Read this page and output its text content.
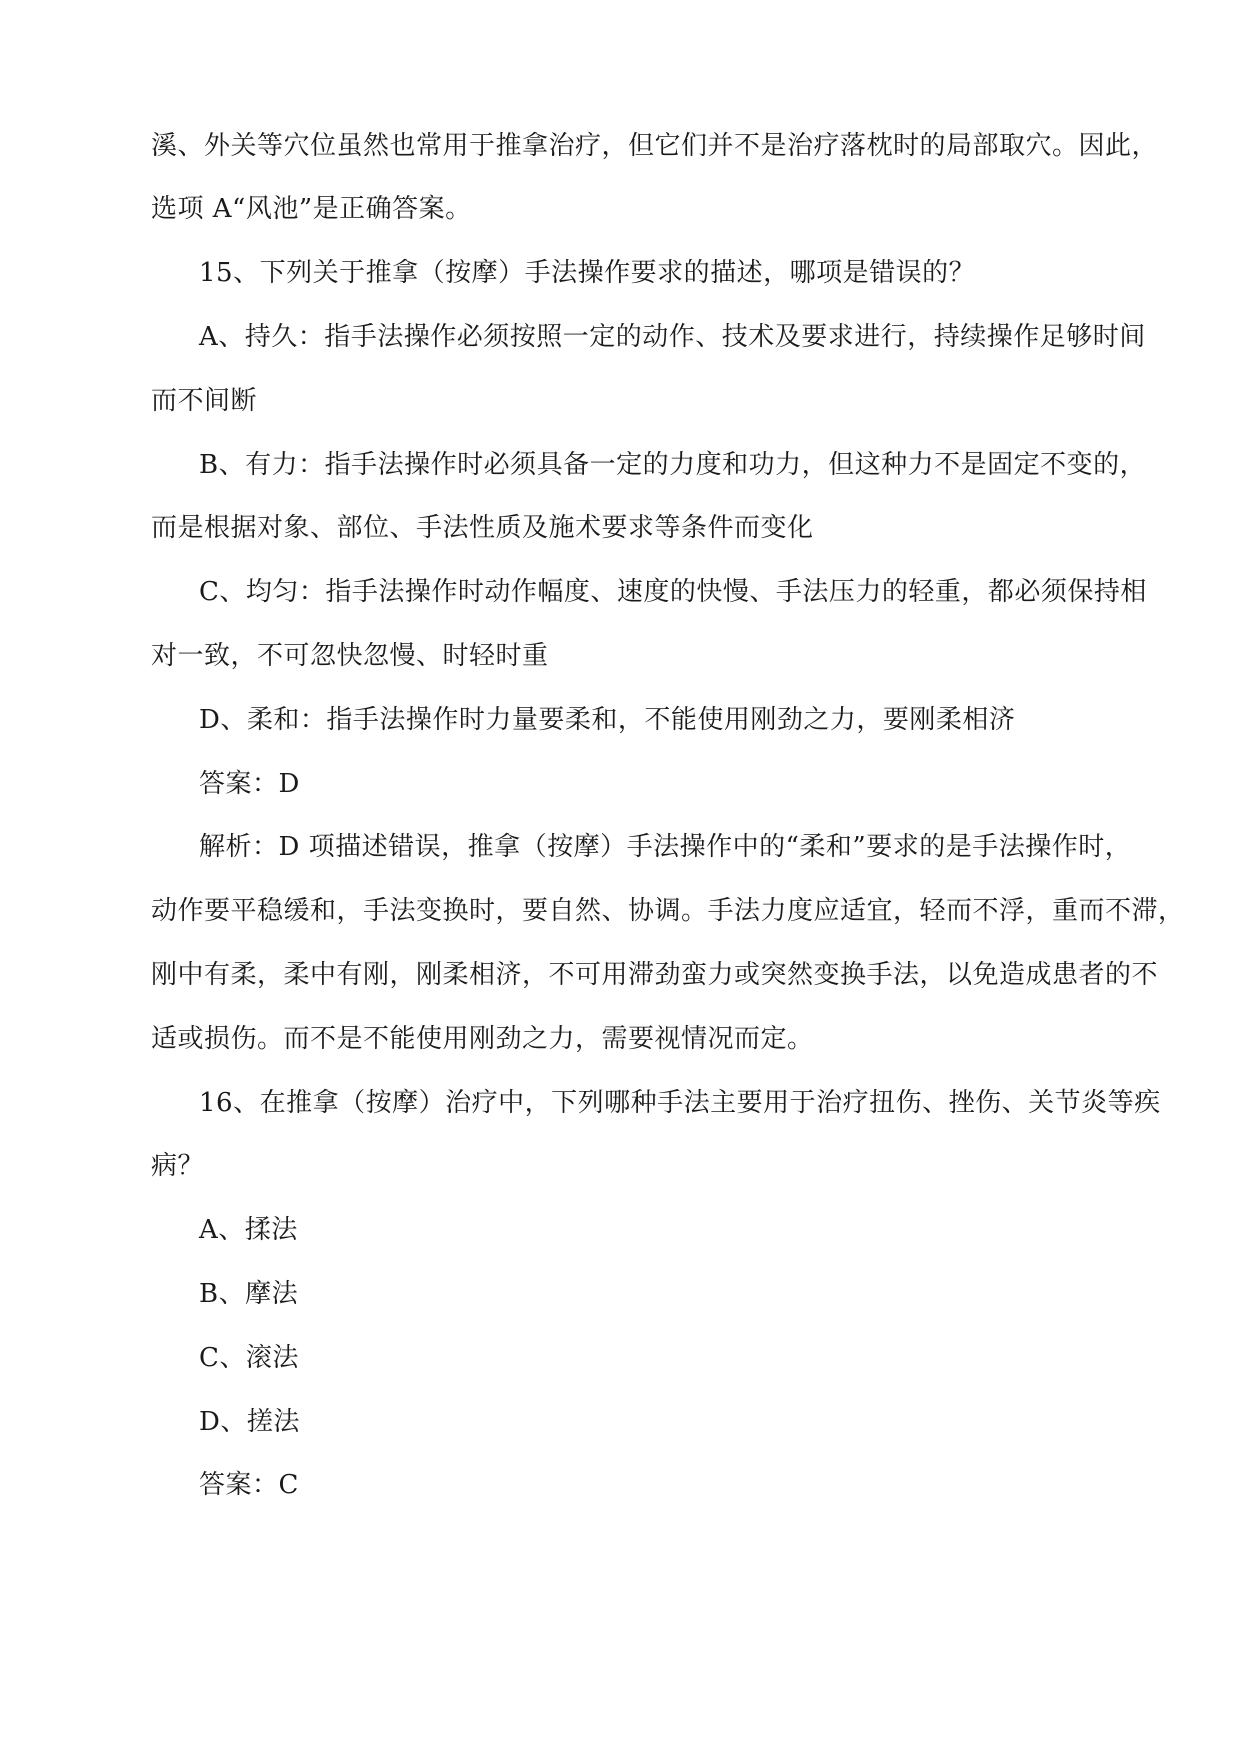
溪、外关等穴位虽然也常用于推拿治疗，但它们并不是治疗落枕时的局部取穴。因此，
选项 A“风池”是正确答案。
15、下列关于推拿（按摩）手法操作要求的描述，哪项是错误的？
A、持久：指手法操作必须按照一定的动作、技术及要求进行，持续操作足够时间
而不间断
B、有力：指手法操作时必须具备一定的力度和功力，但这种力不是固定不变的，
而是根据对象、部位、手法性质及施术要求等条件而变化
C、均匀：指手法操作时动作幅度、速度的快慢、手法压力的轻重，都必须保持相
对一致，不可忽快忽慢、时轻时重
D、柔和：指手法操作时力量要柔和，不能使用刚劲之力，要刚柔相济
答案：D
解析：D 项描述错误，推拿（按摩）手法操作中的“柔和”要求的是手法操作时，
动作要平稳缓和，手法变换时，要自然、协调。手法力度应适宜，轻而不浮，重而不滞，
刚中有柔，柔中有刚，刚柔相济，不可用滞劲蛮力或突然变换手法，以免造成患者的不
适或损伤。而不是不能使用刚劲之力，需要视情况而定。
16、在推拿（按摩）治疗中，下列哪种手法主要用于治疗扭伤、挫伤、关节炎等疾
病？
A、揉法
B、摩法
C、滚法
D、搓法
答案：C
